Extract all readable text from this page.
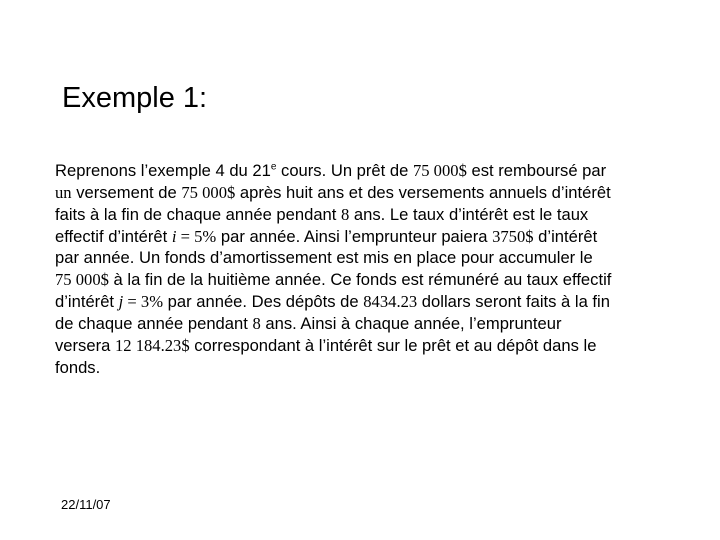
Exemple 1:
Reprenons l’exemple 4 du 21e cours. Un prêt de 75 000$ est remboursé par
un versement de 75 000$ après huit ans et des versements annuels d’intérêt
faits à la fin de chaque année pendant 8 ans. Le taux d’intérêt est le taux
effectif d’intérêt i = 5% par année. Ainsi l’emprunteur paiera 3750$ d’intérêt
par année. Un fonds d’amortissement est mis en place pour accumuler le
75 000$ à la fin de la huitième année. Ce fonds est rémunéré au taux effectif
d’intérêt j = 3% par année. Des dépôts de 8434.23 dollars seront faits à la fin
de chaque année pendant 8 ans. Ainsi à chaque année, l’emprunteur
versera 12 184.23$ correspondant à l’intérêt sur le prêt et au dépôt dans le
fonds.
22/11/07
